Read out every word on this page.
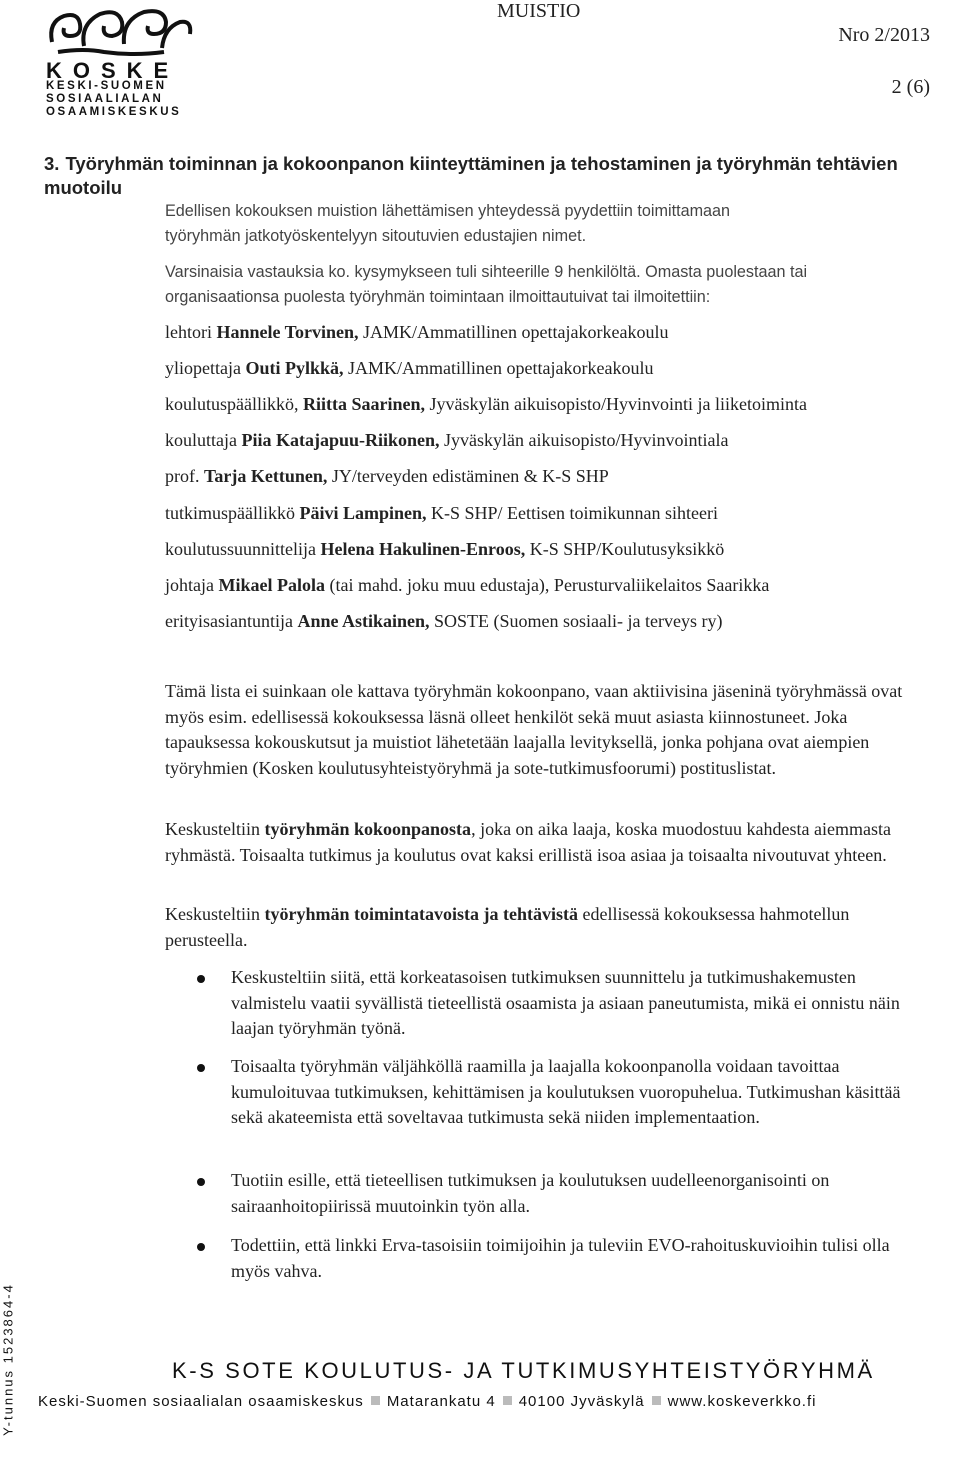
KOSKE
KESKI-SUOMEN
SOSIAALIALAN
OSAAMISKESKUS
MUISTIO
Nro 2/2013
2 (6)
3. Työryhmän toiminnan ja kokoonpanon kiinteyttäminen ja tehostaminen ja työryhmän tehtävien muotoilu
Edellisen kokouksen muistion lähettämisen yhteydessä pyydettiin toimittamaan
työryhmän jatkotyöskentelyyn sitoutuvien edustajien nimet.
Varsinaisia vastauksia ko. kysymykseen tuli sihteerille 9 henkilöltä. Omasta puolestaan tai
organisaationsa puolesta työryhmän toimintaan ilmoittautuivat tai ilmoitettiin:
lehtori Hannele Torvinen, JAMK/Ammatillinen opettajakorkeakoulu
yliopettaja Outi Pylkkä, JAMK/Ammatillinen opettajakorkeakoulu
koulutuspäällikkö, Riitta Saarinen, Jyväskylän aikuisopisto/Hyvinvointi ja liiketoiminta
kouluttaja Piia Katajapuu-Riikonen, Jyväskylän aikuisopisto/Hyvinvointiala
prof. Tarja Kettunen, JY/terveyden edistäminen & K-S SHP
tutkimuspäällikkö Päivi Lampinen, K-S SHP/ Eettisen toimikunnan sihteeri
koulutussuunnittelija Helena Hakulinen-Enroos, K-S SHP/Koulutusyksikkö
johtaja Mikael Palola (tai mahd. joku muu edustaja), Perusturvaliikelaitos Saarikka
erityisasiantuntija Anne Astikainen, SOSTE (Suomen sosiaali- ja terveys ry)
Tämä lista ei suinkaan ole kattava työryhmän kokoonpano, vaan aktiivisina jäseninä työryhmässä ovat myös esim. edellisessä kokouksessa läsnä olleet henkilöt sekä muut asiasta kiinnostuneet. Joka tapauksessa kokouskutsut ja muistiot lähetetään laajalla levityksellä, jonka pohjana ovat aiempien työryhmien (Kosken koulutusyhteistyöryhmä ja sote-tutkimusfoorumi) postituslistat.
Keskusteltiin työryhmän kokoonpanosta, joka on aika laaja, koska muodostuu kahdesta aiemmasta ryhmästä. Toisaalta tutkimus ja koulutus ovat kaksi erillistä isoa asiaa ja toisaalta nivoutuvat yhteen.
Keskusteltiin työryhmän toimintatavoista ja tehtävistä edellisessä kokouksessa hahmotellun perusteella.
Keskusteltiin siitä, että korkeatasoisen tutkimuksen suunnittelu ja tutkimushakemusten valmistelu vaatii syvällistä tieteellistä osaamista ja asiaan paneutumista, mikä ei onnistu näin laajan työryhmän työnä.
Toisaalta työryhmän väljähköllä raamilla ja laajalla kokoonpanolla voidaan tavoittaa kumuloituvaa tutkimuksen, kehittämisen ja koulutuksen vuoropuhelua. Tutkimushan käsittää sekä akateemista että soveltavaa tutkimusta sekä niiden implementaation.
Tuotiin esille, että tieteellisen tutkimuksen ja koulutuksen uudelleenorganisointi on sairaanhoitopiirissä muutoinkin työn alla.
Todettiin, että linkki Erva-tasoisiin toimijoihin ja tuleviin EVO-rahoituskuvioihin tulisi olla myös vahva.
K-S SOTE KOULUTUS- JA TUTKIMUSYHTEISTYÖRYHMÄ
Keski-Suomen sosiaalialan osaamiskeskus Matarankatu 4 40100 Jyväskylä www.koskeverkko.fi
Y-tunnus 1523864-4
